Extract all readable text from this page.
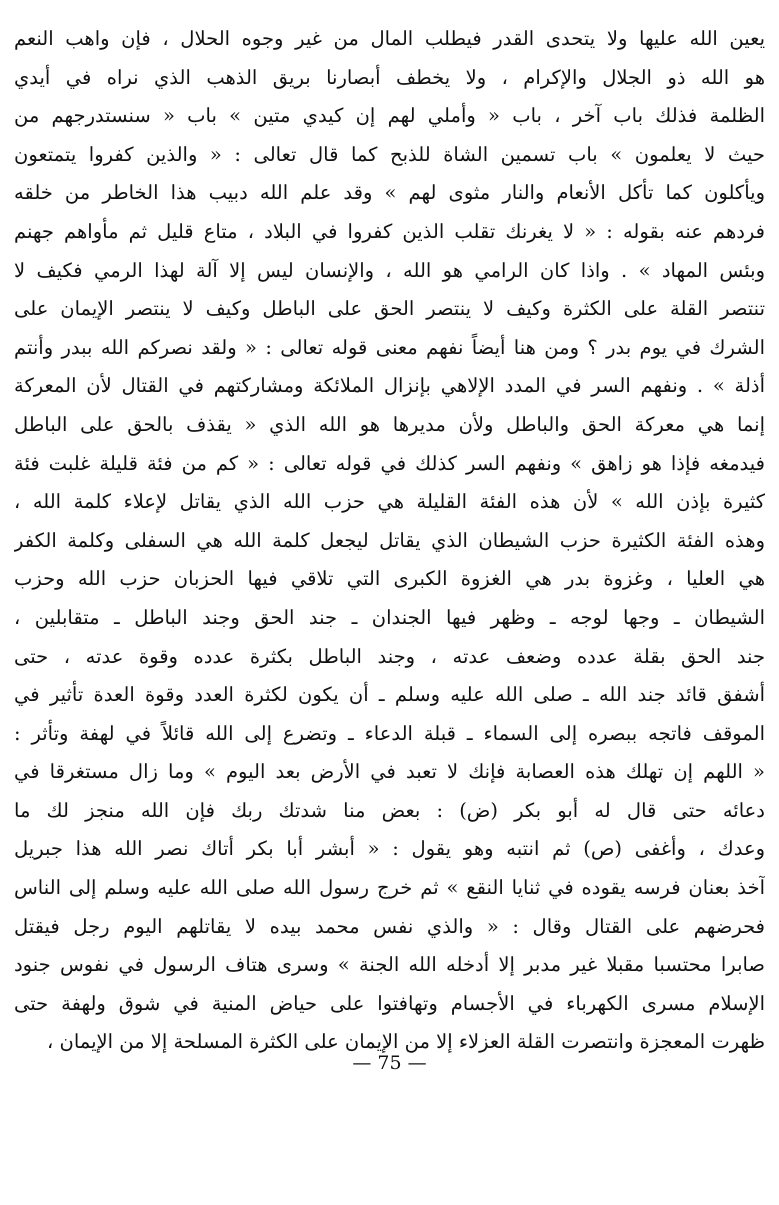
يعين الله عليها ولا يتحدى القدر فيطلب المال من غير وجوه الحلال ، فإن واهب النعم
هو الله ذو الجلال والإكرام ، ولا يخطف أبصارنا بريق الذهب الذي نراه في أيدي
الظلمة فذلك باب آخر ، باب « وأملي لهم إن كيدي متين » باب « سنستدرجهم من
حيث لا يعلمون » باب تسمين الشاة للذبح كما قال تعالى : « والذين كفروا يتمتعون
ويأكلون كما تأكل الأنعام والنار مثوى لهم » وقد علم الله دبيب هذا الخاطر من خلقه
فردهم عنه بقوله : « لا يغرنك تقلب الذين كفروا في البلاد ، متاع قليل ثم مأواهم جهنم
وبئس المهاد » . واذا كان الرامي هو الله ، والإنسان ليس إلا آلة لهذا الرمي فكيف لا
تنتصر القلة على الكثرة وكيف لا ينتصر الحق على الباطل وكيف لا ينتصر الإيمان على
الشرك في يوم بدر ؟ ومن هنا أيضاً نفهم معنى قوله تعالى : « ولقد نصركم الله ببدر وأنتم
أذلة » . ونفهم السر في المدد الإلاهي بإنزال الملائكة ومشاركتهم في القتال لأن المعركة
إنما هي معركة الحق والباطل ولأن مديرها هو الله الذي « يقذف بالحق على الباطل
فيدمغه فإذا هو زاهق » ونفهم السر كذلك في قوله تعالى : « كم من فئة قليلة غلبت فئة
كثيرة بإذن الله » لأن هذه الفئة القليلة هي حزب الله الذي يقاتل لإعلاء كلمة الله ،
وهذه الفئة الكثيرة حزب الشيطان الذي يقاتل ليجعل كلمة الله هي السفلى وكلمة الكفر
هي العليا ، وغزوة بدر هي الغزوة الكبرى التي تلاقي فيها الحزبان حزب الله وحزب
الشيطان ـ وجها لوجه ـ وظهر فيها الجندان ـ جند الحق وجند الباطل ـ متقابلين ،
جند الحق بقلة عدده وضعف عدته ، وجند الباطل بكثرة عدده وقوة عدته ، حتى
أشفق قائد جند الله ـ صلى الله عليه وسلم ـ أن يكون لكثرة العدد وقوة العدة تأثير في
الموقف فاتجه ببصره إلى السماء ـ قبلة الدعاء ـ وتضرع إلى الله قائلاً في لهفة وتأثر :
« اللهم إن تهلك هذه العصابة فإنك لا تعبد في الأرض بعد اليوم » وما زال مستغرقا في
دعائه حتى قال له أبو بكر (ض) : بعض منا شدتك ربك فإن الله منجز لك ما
وعدك ، وأغفى (ص) ثم انتبه وهو يقول : « أبشر أبا بكر أتاك نصر الله هذا جبريل
آخذ بعنان فرسه يقوده في ثنايا النقع » ثم خرج رسول الله صلى الله عليه وسلم إلى الناس
فحرضهم على القتال وقال : « والذي نفس محمد بيده لا يقاتلهم اليوم رجل فيقتل
صابرا محتسبا مقبلا غير مدبر إلا أدخله الله الجنة » وسرى هتاف الرسول في نفوس جنود
الإسلام مسرى الكهرباء في الأجسام وتهافتوا على حياض المنية في شوق ولهفة حتى
ظهرت المعجزة وانتصرت القلة العزلاء إلا من الإيمان على الكثرة المسلحة إلا من الإيمان ،
— 75 —
